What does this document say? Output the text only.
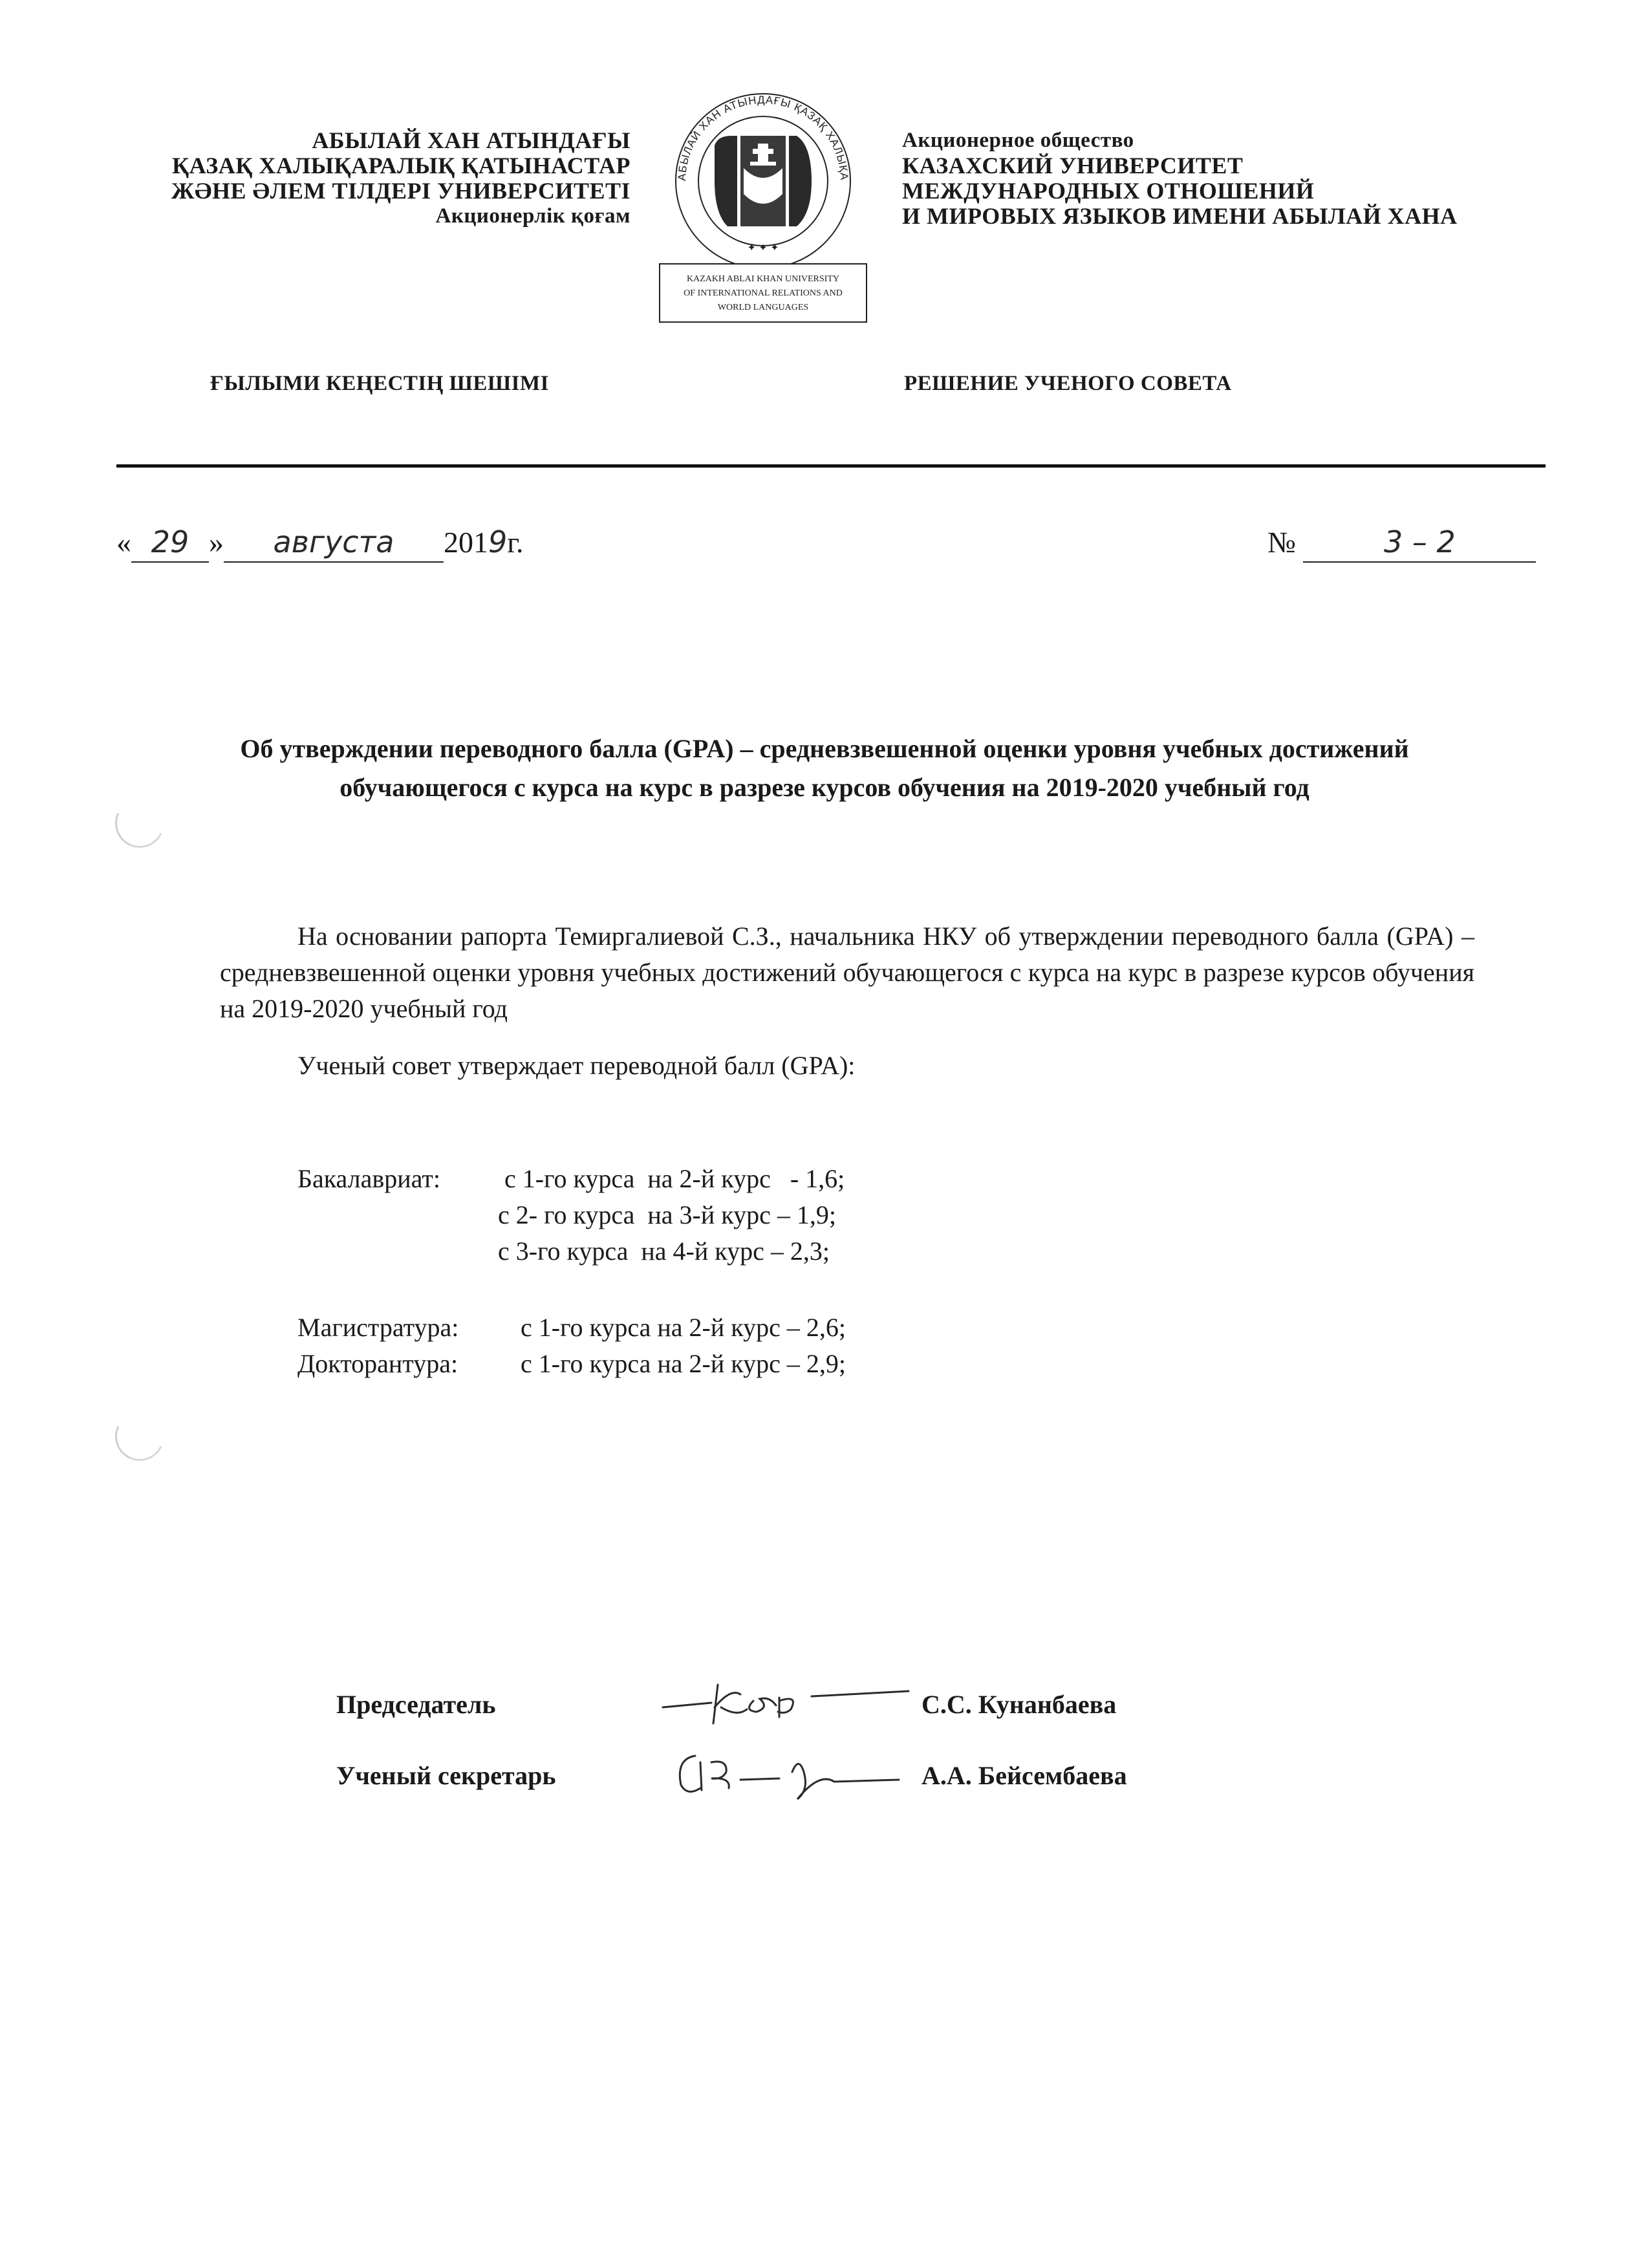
АБЫЛАЙ ХАН АТЫНДАҒЫ
ҚАЗАҚ ХАЛЫҚАРАЛЫҚ ҚАТЫНАСТАР
ЖӘНЕ ӘЛЕМ ТІЛДЕРІ УНИВЕРСИТЕТІ
Акционерлік қоғам
АБЫЛАЙ ХАН АТЫНДАҒЫ ҚАЗАҚ ХАЛЫҚА
✦ ✦ ✦
KAZAKH ABLAI KHAN UNIVERSITY
OF INTERNATIONAL RELATIONS AND
WORLD LANGUAGES
Акционерное общество
КАЗАХСКИЙ УНИВЕРСИТЕТ
МЕЖДУНАРОДНЫХ ОТНОШЕНИЙ
И МИРОВЫХ ЯЗЫКОВ ИМЕНИ АБЫЛАЙ ХАНА
ҒЫЛЫМИ КЕҢЕСТІҢ ШЕШІМІ	РЕШЕНИЕ УЧЕНОГО СОВЕТА
« 29 » августа 2019г.	№	3 – 2
Об утверждении переводного балла (GPA) – средневзвешенной оценки уровня учебных достижений обучающегося с курса на курс в разрезе курсов обучения на 2019-2020 учебный год
На основании рапорта Темиргалиевой С.З., начальника НКУ об утверждении переводного балла (GPA) – средневзвешенной оценки уровня учебных достижений обучающегося с курса на курс в разрезе курсов обучения на 2019-2020 учебный год
Ученый совет утверждает переводной балл (GPA):
Бакалавриат: с 1-го курса  на 2-й курс   - 1,6;
с 2- го курса  на 3-й курс – 1,9;
с 3-го курса  на 4-й курс – 2,3;
Магистратура: с 1-го курса на 2-й курс – 2,6;
Докторантура: с 1-го курса на 2-й курс – 2,9;
Председатель	С.С. Кунанбаева
Ученый секретарь	А.А. Бейсембаева
